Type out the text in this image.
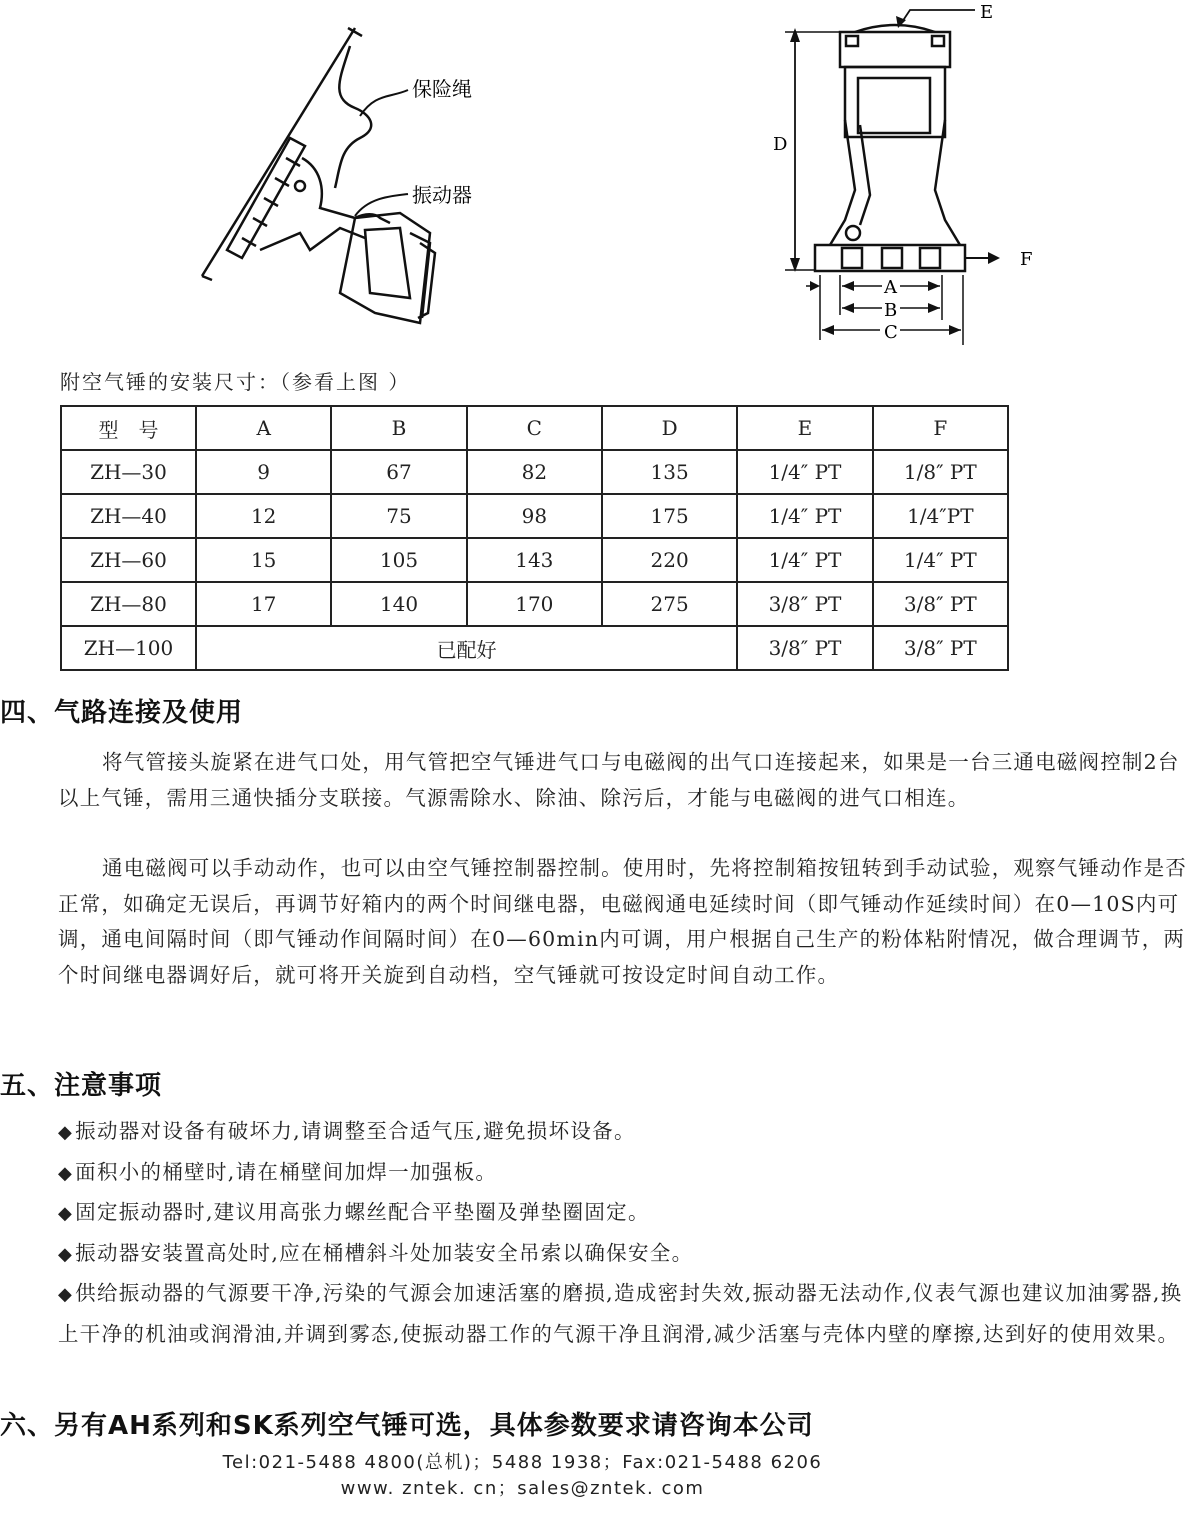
保险绳
振动器
D
E
F
A
B
C
附空气锤的安装尺寸：（参看上图 ）
型　号	A	B	C	D	E	F
ZH—30	9	67	82	135	1/4″ PT	1/8″ PT
ZH—40	12	75	98	175	1/4″ PT	1/4″PT
ZH—60	15	105	143	220	1/4″ PT	1/4″ PT
ZH—80	17	140	170	275	3/8″ PT	3/8″ PT
ZH—100	已配好				3/8″ PT	3/8″ PT
四、气路连接及使用

将气管接头旋紧在进气口处，用气管把空气锤进气口与电磁阀的出气口连接起来，如果是一台三通电磁阀控制2台以上气锤，需用三通快插分支联接。气源需除水、除油、除污后，才能与电磁阀的进气口相连。

通电磁阀可以手动动作，也可以由空气锤控制器控制。使用时，先将控制箱按钮转到手动试验，观察气锤动作是否正常，如确定无误后，再调节好箱内的两个时间继电器，电磁阀通电延续时间（即气锤动作延续时间）在0—10S内可调，通电间隔时间（即气锤动作间隔时间）在0—60min内可调，用户根据自己生产的粉体粘附情况，做合理调节，两个时间继电器调好后，就可将开关旋到自动档，空气锤就可按设定时间自动工作。

五、注意事项
◆振动器对设备有破坏力,请调整至合适气压,避免损坏设备。
◆面积小的桶壁时,请在桶壁间加焊一加强板。
◆固定振动器时,建议用高张力螺丝配合平垫圈及弹垫圈固定。
◆振动器安装置高处时,应在桶槽斜斗处加装安全吊索以确保安全。
◆供给振动器的气源要干净,污染的气源会加速活塞的磨损,造成密封失效,振动器无法动作,仪表气源也建议加油雾器,换上干净的机油或润滑油,并调到雾态,使振动器工作的气源干净且润滑,减少活塞与壳体内壁的摩擦,达到好的使用效果。
六、另有AH系列和SK系列空气锤可选，具体参数要求请咨询本公司
Tel:021-5488 4800(总机)；5488 1938；Fax:021-5488 6206
www. zntek. cn；sales@zntek. com
